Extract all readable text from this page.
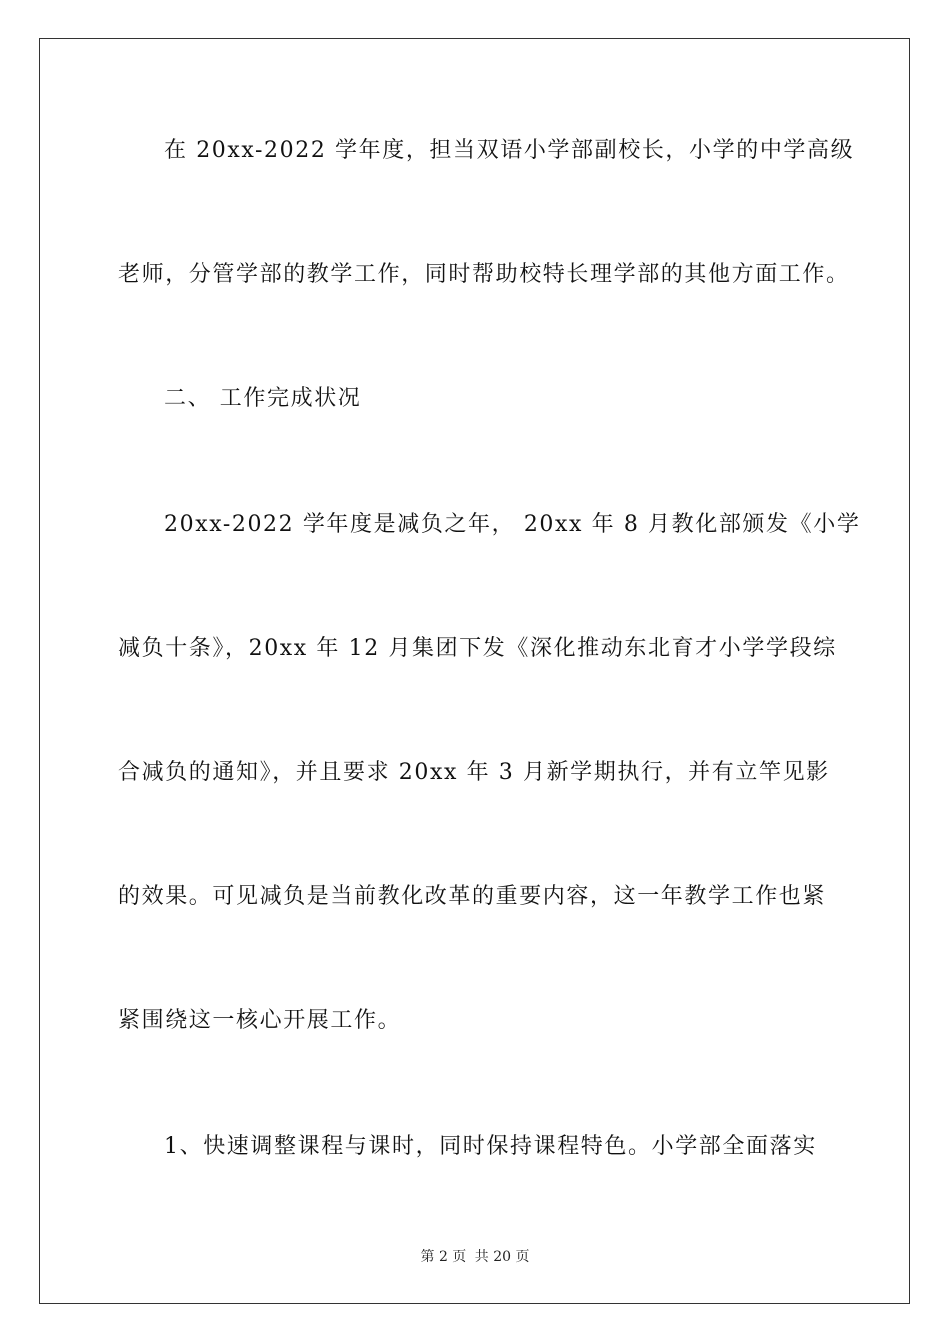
在 20xx-2022 学年度，担当双语小学部副校长，小学的中学高级
老师，分管学部的教学工作，同时帮助校特长理学部的其他方面工作。
二、 工作完成状况
20xx-2022 学年度是减负之年， 20xx 年 8 月教化部颁发《小学
减负十条》，20xx 年 12 月集团下发《深化推动东北育才小学学段综
合减负的通知》，并且要求 20xx 年 3 月新学期执行，并有立竿见影
的效果。可见减负是当前教化改革的重要内容，这一年教学工作也紧
紧围绕这一核心开展工作。
1、快速调整课程与课时，同时保持课程特色。小学部全面落实
第 2 页 共 20 页
